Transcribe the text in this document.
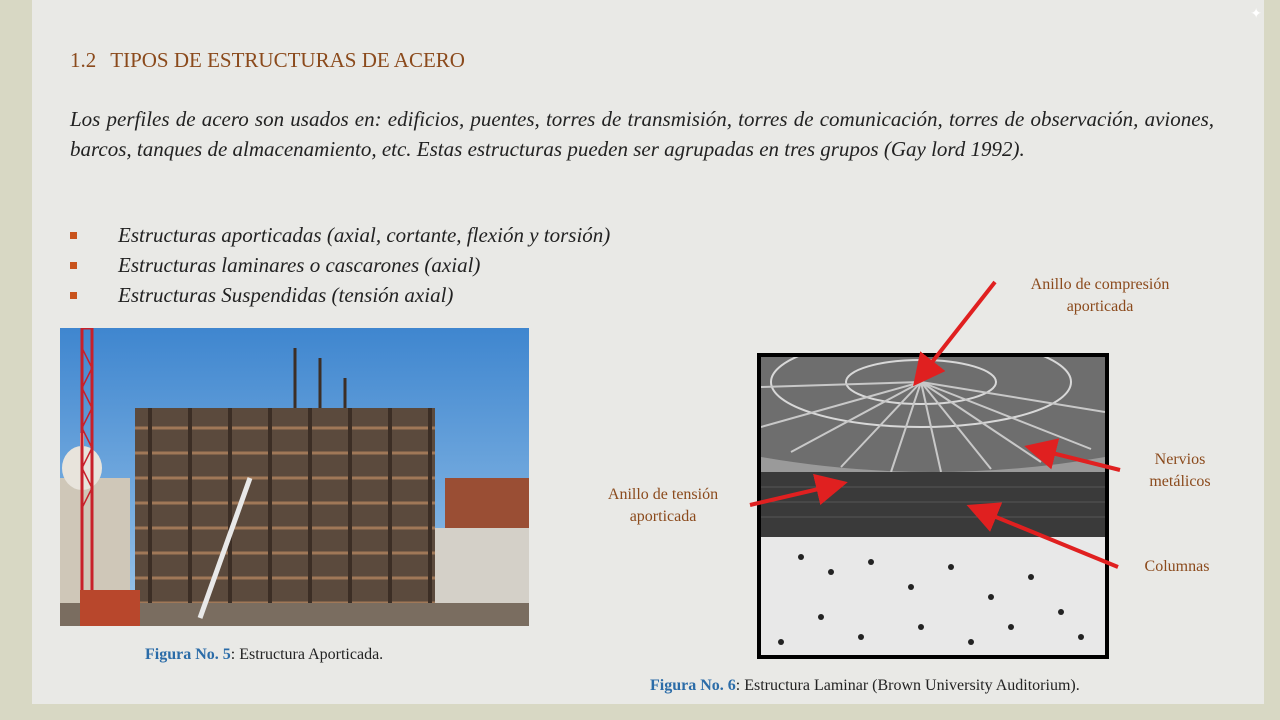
✦
1.2 TIPOS DE ESTRUCTURAS DE ACERO
Los perfiles de acero son usados en: edificios, puentes, torres de transmisión, torres de comunicación, torres de observación, aviones, barcos, tanques de almacenamiento, etc. Estas estructuras pueden ser agrupadas en tres grupos (Gay lord 1992).
Estructuras aporticadas (axial, cortante, flexión y torsión)
Estructuras laminares o cascarones (axial)
Estructuras Suspendidas (tensión axial)	Anillo de compresión
aporticada
Nervios
metálicos
Anillo de tensión
aporticada
Columnas
Figura No. 5: Estructura Aporticada.
Figura No. 6: Estructura Laminar (Brown University Auditorium).
